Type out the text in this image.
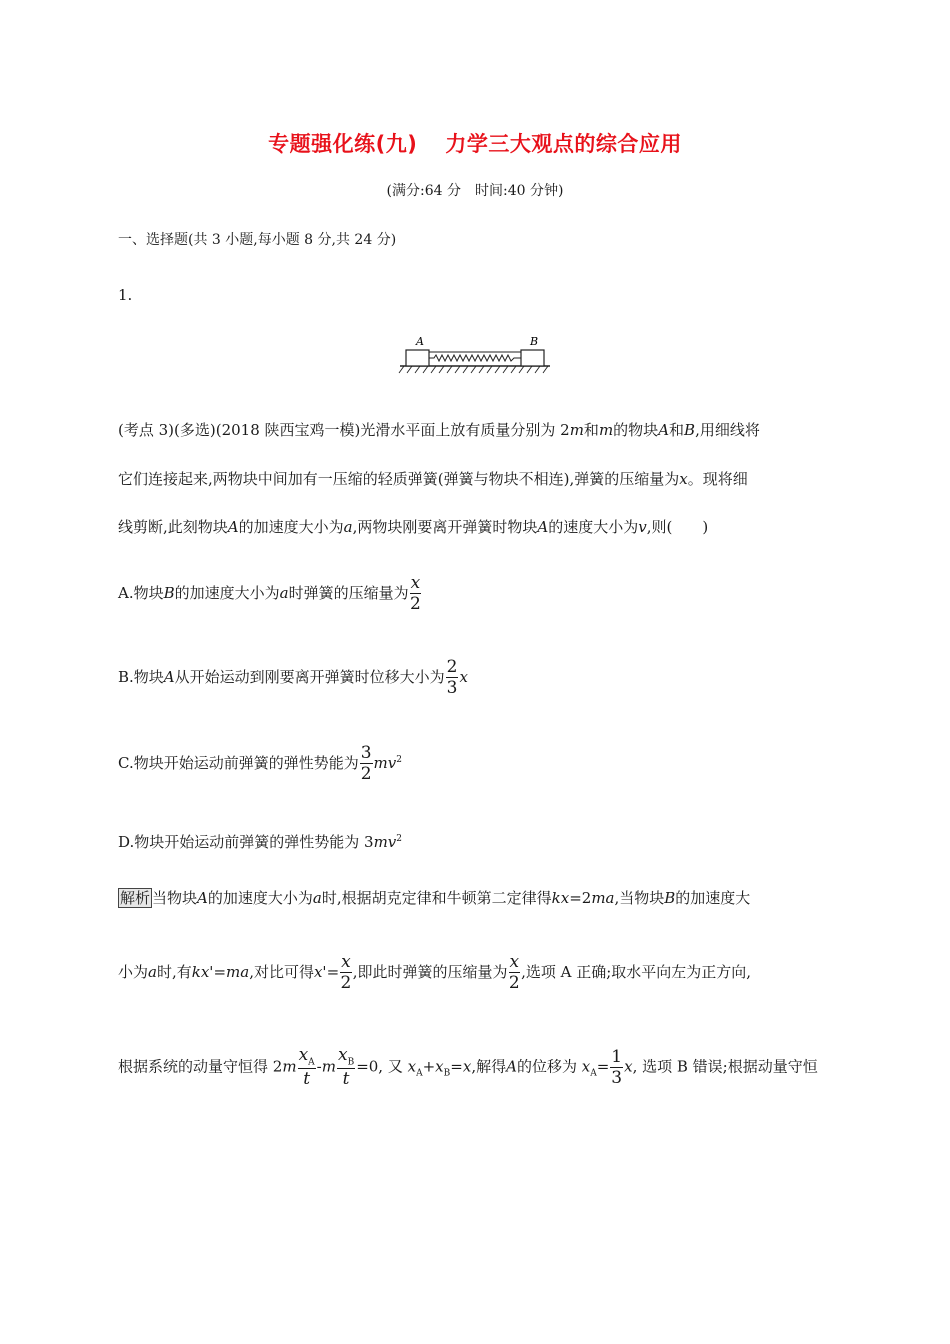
专题强化练(九) 力学三大观点的综合应用
(满分:64 分 时间:40 分钟)
一、选择题(共 3 小题,每小题 8 分,共 24 分)
1.
A	B
(考点 3)(多选)(2018 陕西宝鸡一模)光滑水平面上放有质量分别为 2m和m的物块A和B,用细线将
它们连接起来,两物块中间加有一压缩的轻质弹簧(弹簧与物块不相连),弹簧的压缩量为x。现将细
线剪断,此刻物块A的加速度大小为a,两物块刚要离开弹簧时物块A的速度大小为v,则(　　)
A.物块B的加速度大小为a时弹簧的压缩量为 $\frac{x}{2}$
B.物块A从开始运动到刚要离开弹簧时位移大小为 $\frac{2}{3}$ x
C.物块开始运动前弹簧的弹性势能为 $\frac{3}{2} mv^2$
D.物块开始运动前弹簧的弹性势能为 $3mv^2$
解析 当物块A的加速度大小为a时,根据胡克定律和牛顿第二定律得kx=2ma,当物块B的加速度大
小为a时,有kx'=ma,对比可得$x'= \frac{x}{2}$ ,即此时弹簧的压缩量为 $\frac{x}{2}$ ,选项 A 正确;取水平向左为正方向,
根据系统的动量守恒得 $2m \frac{x_A}{t} -m \frac{x_B}{t} =0$, 又 $x_A+x_B=x$,解得A的位移为 $x_A= \frac{1}{3} x$, 选项 B 错误;根据动量守恒
